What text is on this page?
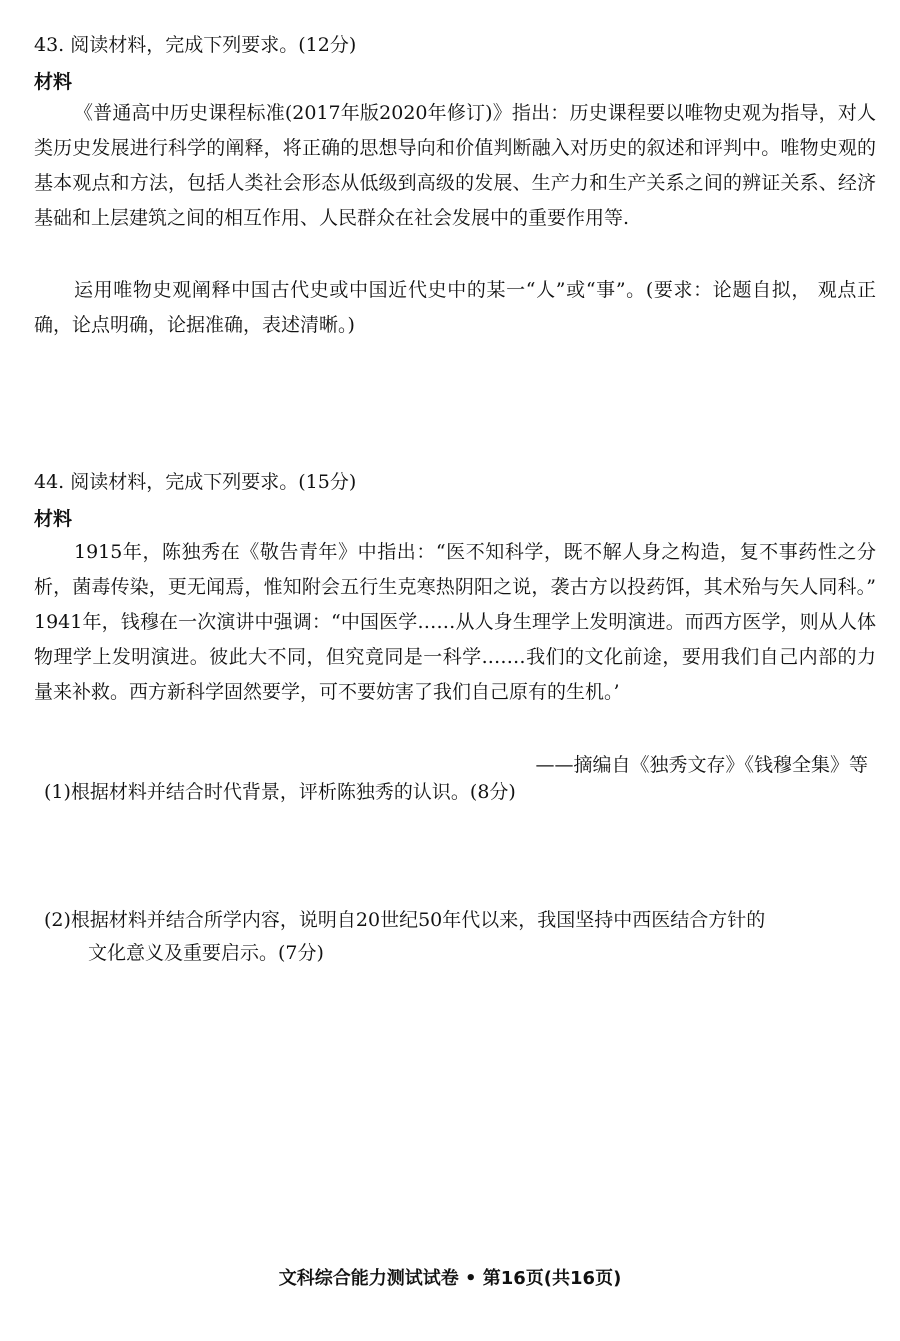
43. 阅读材料，完成下列要求。(12分)
材料
《普通高中历史课程标准(2017年版2020年修订)》指出：历史课程要以唯物史观为指导，对人类历史发展进行科学的阐释，将正确的思想导向和价值判断融入对历史的叙述和评判中。唯物史观的基本观点和方法，包括人类社会形态从低级到高级的发展、生产力和生产关系之间的辨证关系、经济基础和上层建筑之间的相互作用、人民群众在社会发展中的重要作用等.
运用唯物史观阐释中国古代史或中国近代史中的某一“人”或“事”。(要求：论题自拟， 观点正确，论点明确，论据准确，表述清晰。)
44. 阅读材料，完成下列要求。(15分)
材料
1915年，陈独秀在《敬告青年》中指出：“医不知科学，既不解人身之构造，复不事药性之分析，菌毒传染，更无闻焉，惟知附会五行生克寒热阴阳之说，袭古方以投药饵，其术殆与矢人同科。” 1941年，钱穆在一次演讲中强调：“中国医学……从人身生理学上发明演进。而西方医学，则从人体物理学上发明演进。彼此大不同，但究竟同是一科学.……我们的文化前途，要用我们自己内部的力量来补救。西方新科学固然要学，可不要妨害了我们自己原有的生机。’
——摘编自《独秀文存》《钱穆全集》等
(1)根据材料并结合时代背景，评析陈独秀的认识。(8分)
(2)根据材料并结合所学内容，说明自20世纪50年代以来，我国坚持中西医结合方针的
文化意义及重要启示。(7分)
文科综合能力测试试卷 • 第16页(共16页)
